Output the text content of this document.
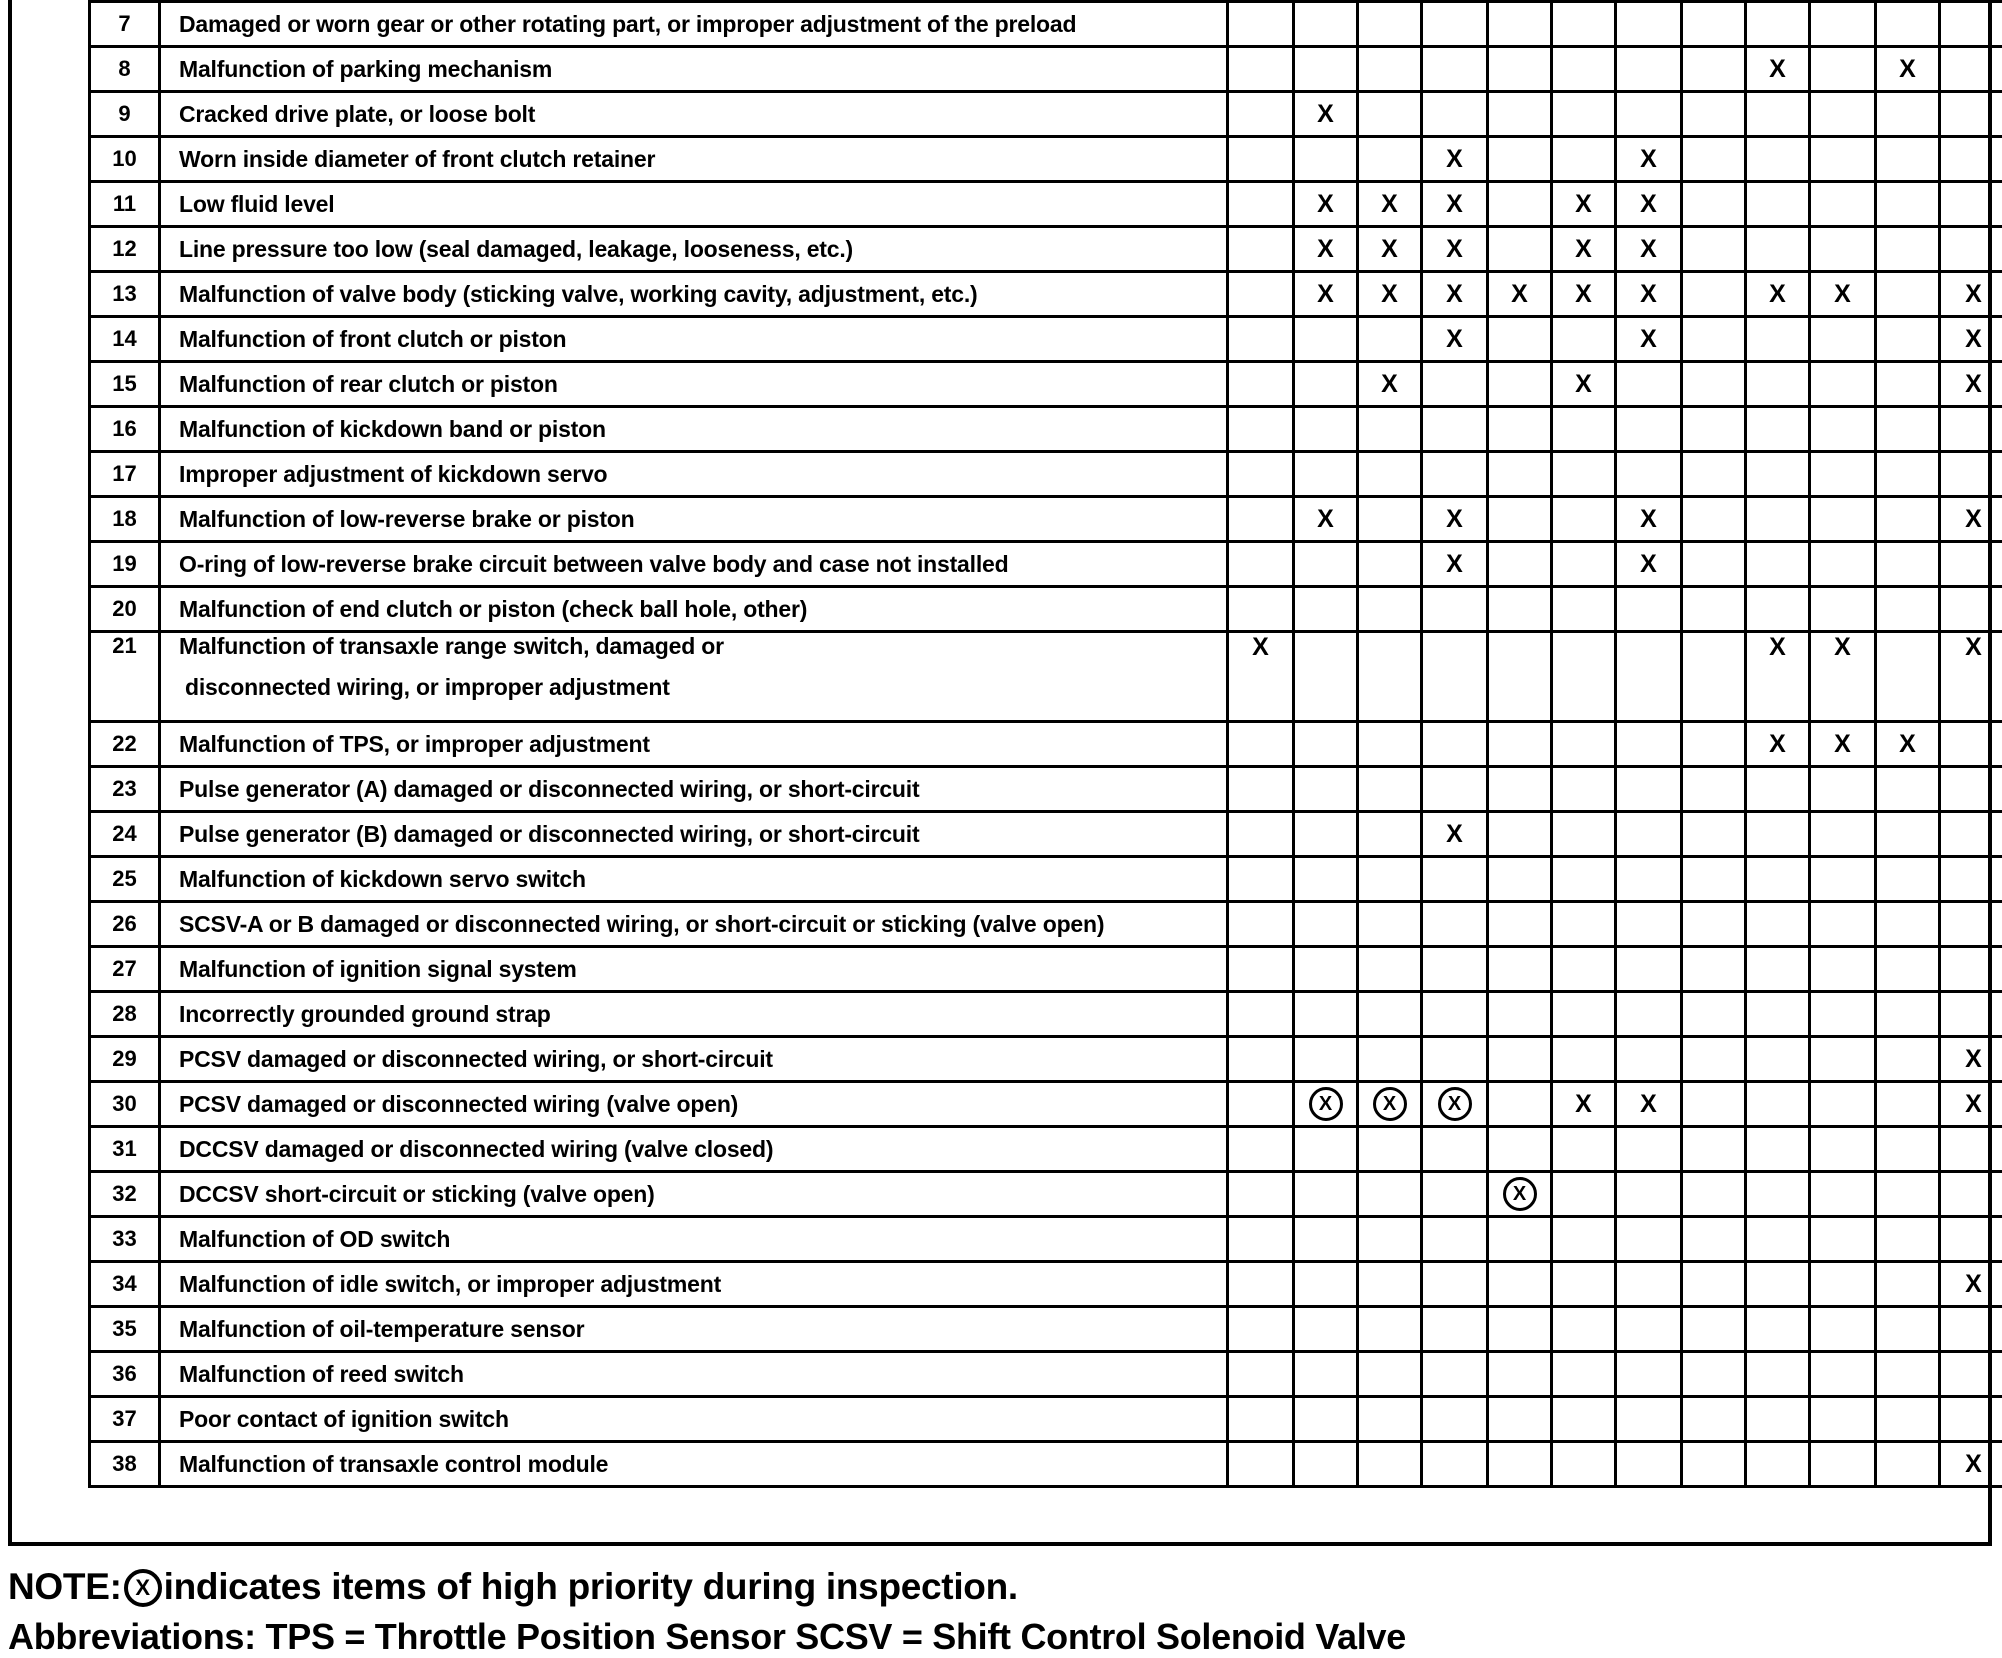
7	Damaged or worn gear or other rotating part, or improper adjustment of the preload												
8	Malfunction of parking mechanism									X		X	
9	Cracked drive plate, or loose bolt		X										
10	Worn inside diameter of front clutch retainer				X			X					
11	Low fluid level		X	X	X		X	X					
12	Line pressure too low (seal damaged, leakage, looseness, etc.)		X	X	X		X	X					
13	Malfunction of valve body (sticking valve, working cavity, adjustment, etc.)		X	X	X	X	X	X		X	X		X
14	Malfunction of front clutch or piston				X			X					X
15	Malfunction of rear clutch or piston			X			X						X
16	Malfunction of kickdown band or piston												
17	Improper adjustment of kickdown servo												
18	Malfunction of low-reverse brake or piston		X		X			X					X
19	O-ring of low-reverse brake circuit between valve body and case not installed				X			X					
20	Malfunction of end clutch or piston (check ball hole, other)												
21	Malfunction of transaxle range switch, damaged or
disconnected wiring, or improper adjustment	X								X	X		X
22	Malfunction of TPS, or improper adjustment									X	X	X	
23	Pulse generator (A) damaged or disconnected wiring, or short-circuit												
24	Pulse generator (B) damaged or disconnected wiring, or short-circuit				X								
25	Malfunction of kickdown servo switch												
26	SCSV-A or B damaged or disconnected wiring, or short-circuit or sticking (valve open)												
27	Malfunction of ignition signal system												
28	Incorrectly grounded ground strap												
29	PCSV damaged or disconnected wiring, or short-circuit												X
30	PCSV damaged or disconnected wiring (valve open)		X	X	X		X	X					X
31	DCCSV damaged or disconnected wiring (valve closed)												
32	DCCSV short-circuit or sticking (valve open)					X							
33	Malfunction of OD switch												
34	Malfunction of idle switch, or improper adjustment												X
35	Malfunction of oil-temperature sensor												
36	Malfunction of reed switch												
37	Poor contact of ignition switch												
38	Malfunction of transaxle control module												X
NOTE: X indicates items of high priority during inspection.
Abbreviations: TPS = Throttle Position Sensor SCSV = Shift Control Solenoid Valve
